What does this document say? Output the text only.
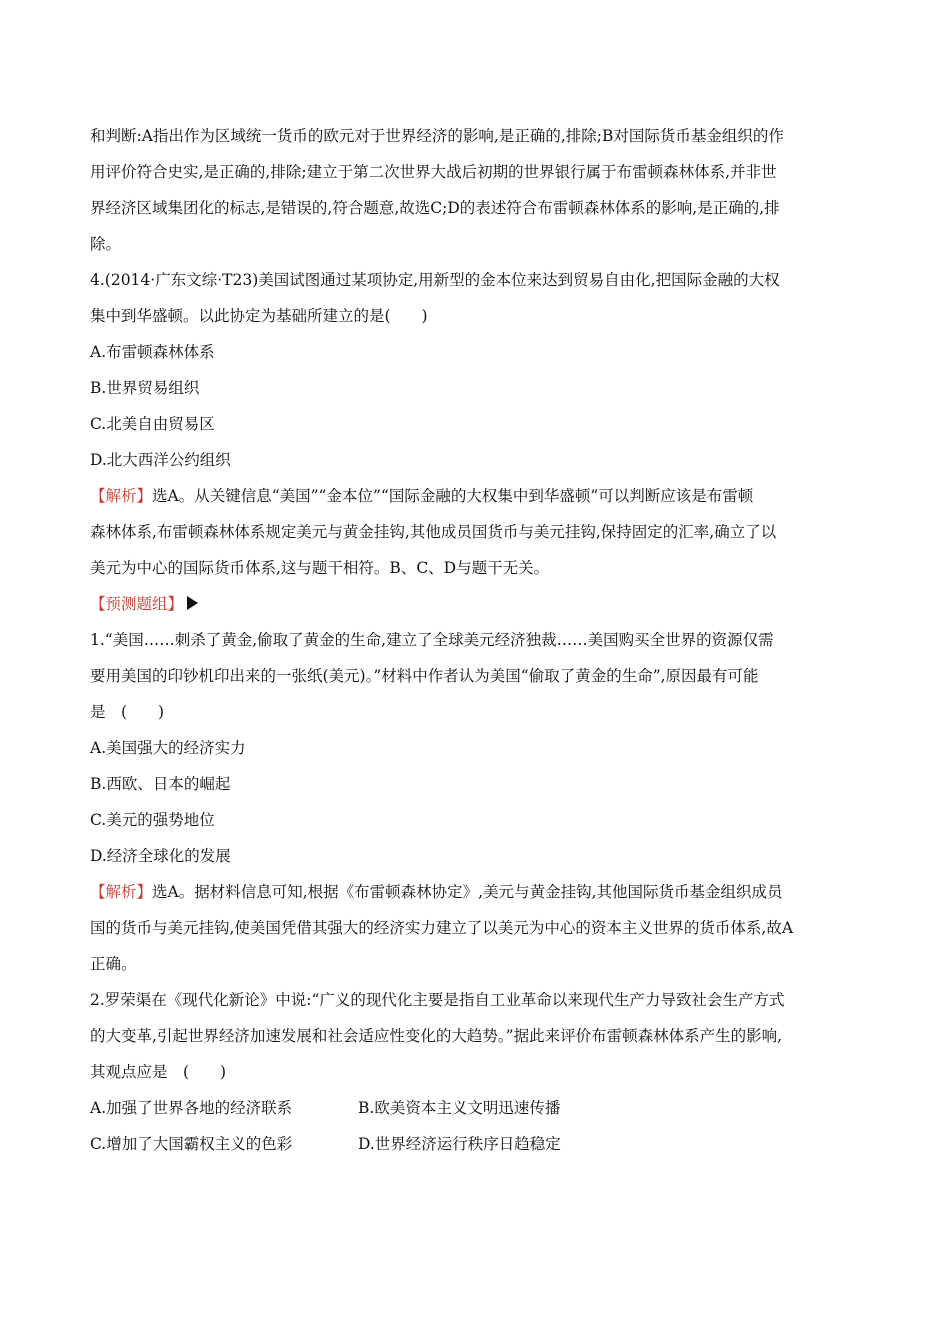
和判断:A指出作为区域统一货币的欧元对于世界经济的影响,是正确的,排除;B对国际货币基金组织的作

用评价符合史实,是正确的,排除;建立于第二次世界大战后初期的世界银行属于布雷顿森林体系,并非世

界经济区域集团化的标志,是错误的,符合题意,故选C;D的表述符合布雷顿森林体系的影响,是正确的,排

除。

4.(2014·广东文综·T23)美国试图通过某项协定,用新型的金本位来达到贸易自由化,把国际金融的大权

集中到华盛顿。以此协定为基础所建立的是(　　)

A.布雷顿森林体系

B.世界贸易组织

C.北美自由贸易区

D.北大西洋公约组织

【解析】选A。从关键信息“美国”“金本位”“国际金融的大权集中到华盛顿”可以判断应该是布雷顿

森林体系,布雷顿森林体系规定美元与黄金挂钩,其他成员国货币与美元挂钩,保持固定的汇率,确立了以

美元为中心的国际货币体系,这与题干相符。B、C、D与题干无关。

【预测题组】

1.“美国……刺杀了黄金,偷取了黄金的生命,建立了全球美元经济独裁……美国购买全世界的资源仅需

要用美国的印钞机印出来的一张纸(美元)。”材料中作者认为美国“偷取了黄金的生命”,原因最有可能

是　(　　)

A.美国强大的经济实力

B.西欧、日本的崛起

C.美元的强势地位

D.经济全球化的发展

【解析】选A。据材料信息可知,根据《布雷顿森林协定》,美元与黄金挂钩,其他国际货币基金组织成员

国的货币与美元挂钩,使美国凭借其强大的经济实力建立了以美元为中心的资本主义世界的货币体系,故A

正确。

2.罗荣渠在《现代化新论》中说:“广义的现代化主要是指自工业革命以来现代生产力导致社会生产方式

的大变革,引起世界经济加速发展和社会适应性变化的大趋势。”据此来评价布雷顿森林体系产生的影响,

其观点应是　(　　)

A.加强了世界各地的经济联系	B.欧美资本主义文明迅速传播
C.增加了大国霸权主义的色彩	D.世界经济运行秩序日趋稳定
